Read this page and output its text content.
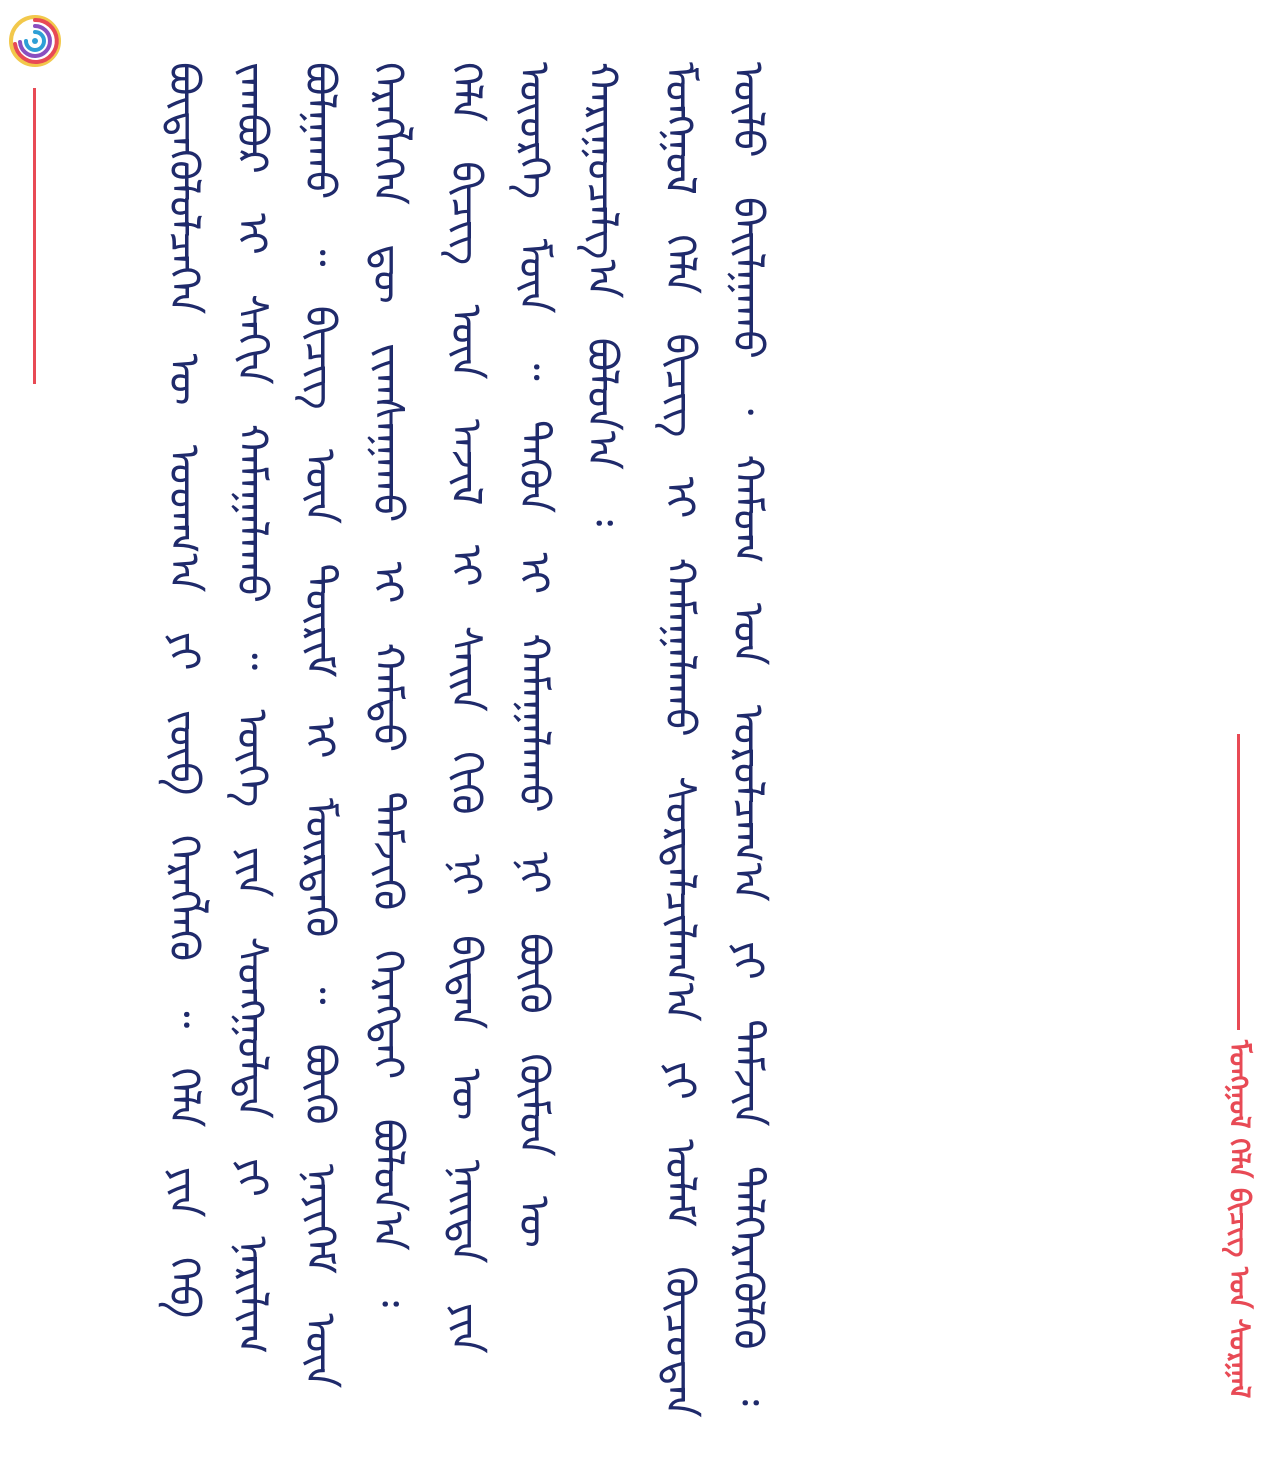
ᠮᠣᠩᠭᠣᠯ ᠬᠡᠯᠡ ᠪᠢᠴᠢᠭ ᠤᠨ ᠰᠤᠷᠭᠠᠯ

ᠪᠦᠳᠡᠭᠦᠯᠦᠯᠴᠡᠬᠡᠨ ᠦ ᠤᠳᠬ᠎ᠠ ᠶᠢ ᠵᠥᠪ ᠬᠡᠷᠡᠭᠯᠡᠬᠦ ᠃ ᠬᠡᠯᠡ ᠶᠢᠨ ᠬᠡᠪ ᠵᠠᠭᠪᠤᠷ ᠢ ᠰᠠᠬᠢᠨ ᠬᠠᠮᠠᠭᠠᠯᠠᠬᠤ ᠃ ᠦᠭᠡ ᠶᠢᠨ ᠰᠤᠨᠭᠭᠤᠯᠲᠠ ᠶᠢ ᠨᠠᠷᠢᠯᠢᠭ ᠪᠣᠯᠭᠠᠬᠤ ᠃ ᠪᠢᠴᠢᠭ ᠦᠨ ᠳᠦᠷᠢᠮ ᠢ ᠮᠥᠷᠳᠡᠬᠦ ᠃ ᠪᠦᠬᠦ ᠨᠡᠶᠢᠭᠡᠮ ᠦᠨ ᠬᠡᠷᠡᠭᠯᠡᠭᠡᠨ ᠳᠦ ᠵᠢᠭᠰᠠᠭᠠᠬᠤ ᠢ ᠬᠠᠮᠲᠤ ᠳᠡᠮᠵᠢᠬᠦ ᠬᠡᠷᠡᠭᠲᠡᠢ ᠪᠣᠯᠤᠨ᠎ᠠ ᠄ ᠬᠡᠯᠡ ᠪᠢᠴᠢᠭ ᠦᠨ ᠠᠵᠢᠯ ᠢ ᠰᠠᠢᠨ ᠬᠢᠬᠦ ᠨᠢ ᠪᠢᠳᠡᠨ ᠦ ᠨᠡᠢᠲᠡ ᠶᠢᠨ ᠦᠦᠷᠭᠡ ᠮᠥᠨ ᠃ ᠲᠡᠭᠦᠨ ᠢ ᠬᠠᠮᠠᠭᠠᠯᠠᠬᠤ ᠨᠢ ᠪᠦᠬᠦ ᠬᠦᠮᠦᠨ ᠦ ᠬᠠᠷᠢᠭᠤᠴᠠᠯᠭ᠎ᠠ ᠪᠣᠯᠤᠨ᠎ᠠ ᠄ ᠮᠣᠩᠭᠣᠯ ᠬᠡᠯᠡ ᠪᠢᠴᠢᠭ ᠢ ᠬᠠᠮᠠᠭᠠᠯᠠᠬᠤ ᠰᠤᠷᠲᠠᠯᠴᠢᠯᠠᠭ᠎ᠠ ᠶᠢ ᠤᠯᠠᠮ ᠬᠦᠴᠦᠳᠡᠨ ᠦᠯᠦ ᠪᠠᠢᠯᠭᠠᠬᠤ ᠂ ᠬᠠᠮᠤᠭ ᠤᠨ ᠣᠷᠤᠯᠴᠠᠭ᠎ᠠ ᠶᠢ ᠳᠡᠮᠵᠢᠨ ᠳᠡᠯᠭᠡᠷᠡᠭᠦᠯᠬᠦ ᠄
